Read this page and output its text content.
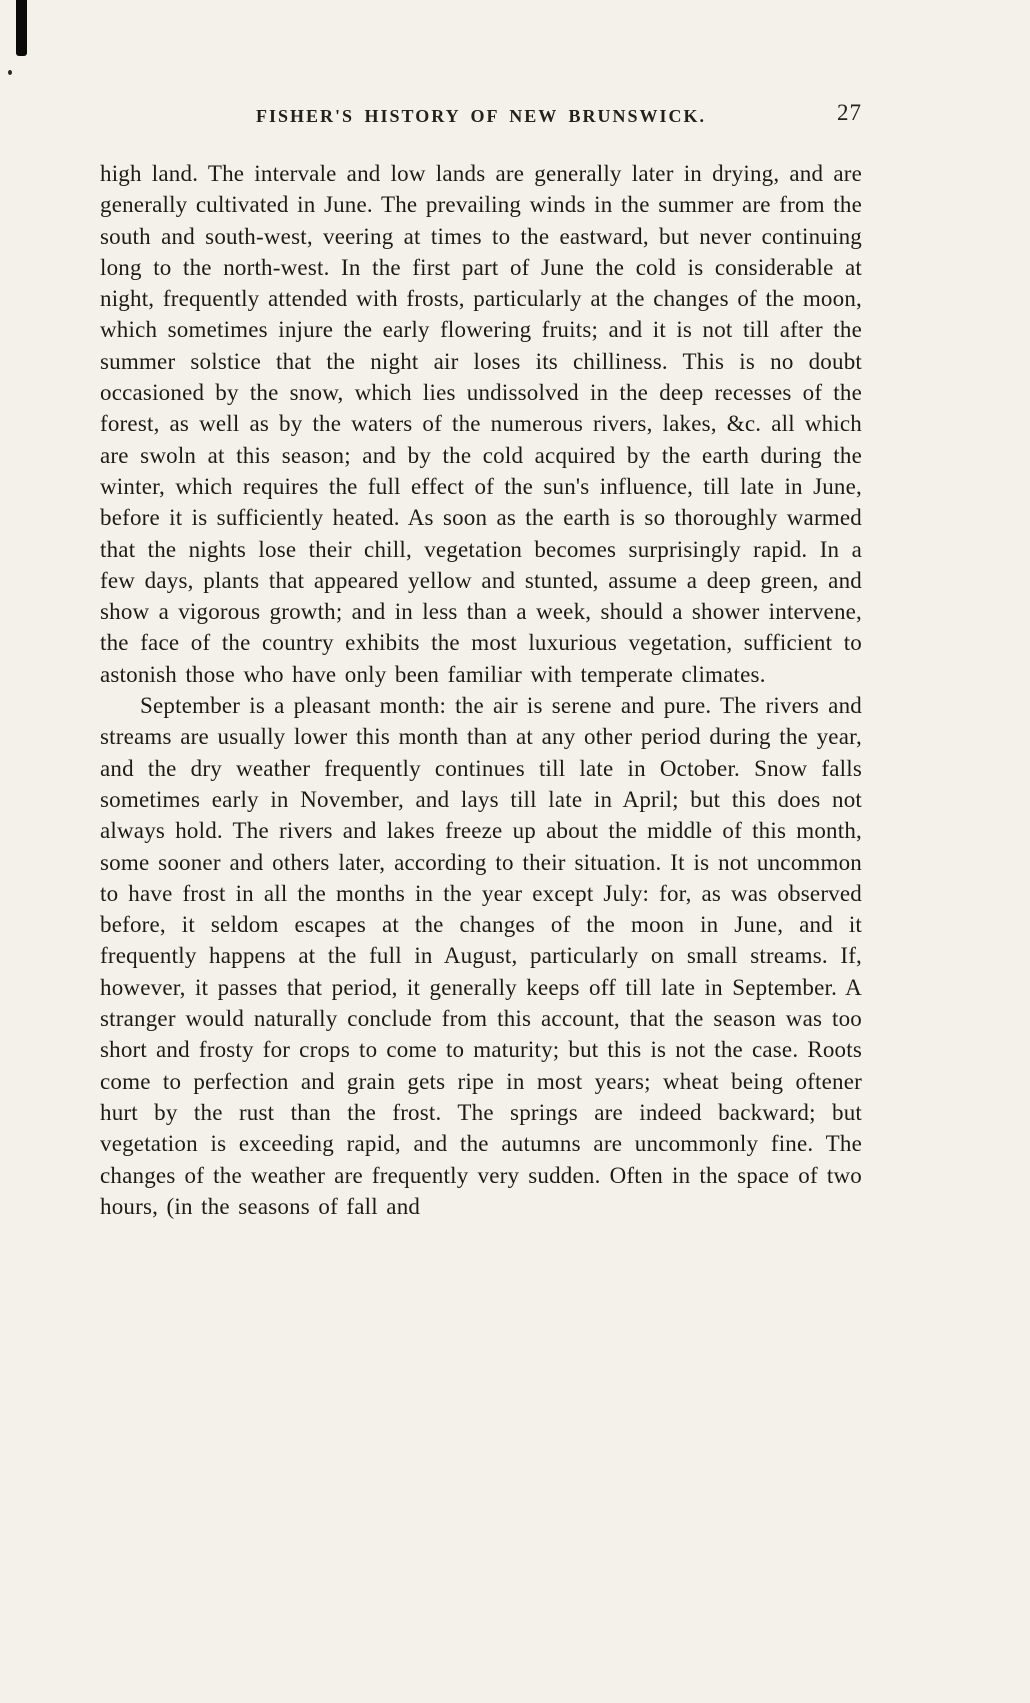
FISHER'S HISTORY OF NEW BRUNSWICK.	27

high land. The intervale and low lands are generally later in drying, and are generally cultivated in June. The prevailing winds in the summer are from the south and south-west, veering at times to the eastward, but never continuing long to the north-west. In the first part of June the cold is considerable at night, frequently attended with frosts, particularly at the changes of the moon, which sometimes injure the early flowering fruits; and it is not till after the summer solstice that the night air loses its chilliness. This is no doubt occasioned by the snow, which lies undissolved in the deep recesses of the forest, as well as by the waters of the numerous rivers, lakes, &c. all which are swoln at this season; and by the cold acquired by the earth during the winter, which requires the full effect of the sun's influence, till late in June, before it is sufficiently heated. As soon as the earth is so thoroughly warmed that the nights lose their chill, vegetation becomes surprisingly rapid. In a few days, plants that appeared yellow and stunted, assume a deep green, and show a vigorous growth; and in less than a week, should a shower intervene, the face of the country exhibits the most luxurious vegetation, sufficient to astonish those who have only been familiar with temperate climates.

September is a pleasant month: the air is serene and pure. The rivers and streams are usually lower this month than at any other period during the year, and the dry weather frequently continues till late in October. Snow falls sometimes early in November, and lays till late in April; but this does not always hold. The rivers and lakes freeze up about the middle of this month, some sooner and others later, according to their situation. It is not uncommon to have frost in all the months in the year except July: for, as was observed before, it seldom escapes at the changes of the moon in June, and it frequently happens at the full in August, particularly on small streams. If, however, it passes that period, it generally keeps off till late in September. A stranger would naturally conclude from this account, that the season was too short and frosty for crops to come to maturity; but this is not the case. Roots come to perfection and grain gets ripe in most years; wheat being oftener hurt by the rust than the frost. The springs are indeed backward; but vegetation is exceeding rapid, and the autumns are uncommonly fine. The changes of the weather are frequently very sudden. Often in the space of two hours, (in the seasons of fall and
